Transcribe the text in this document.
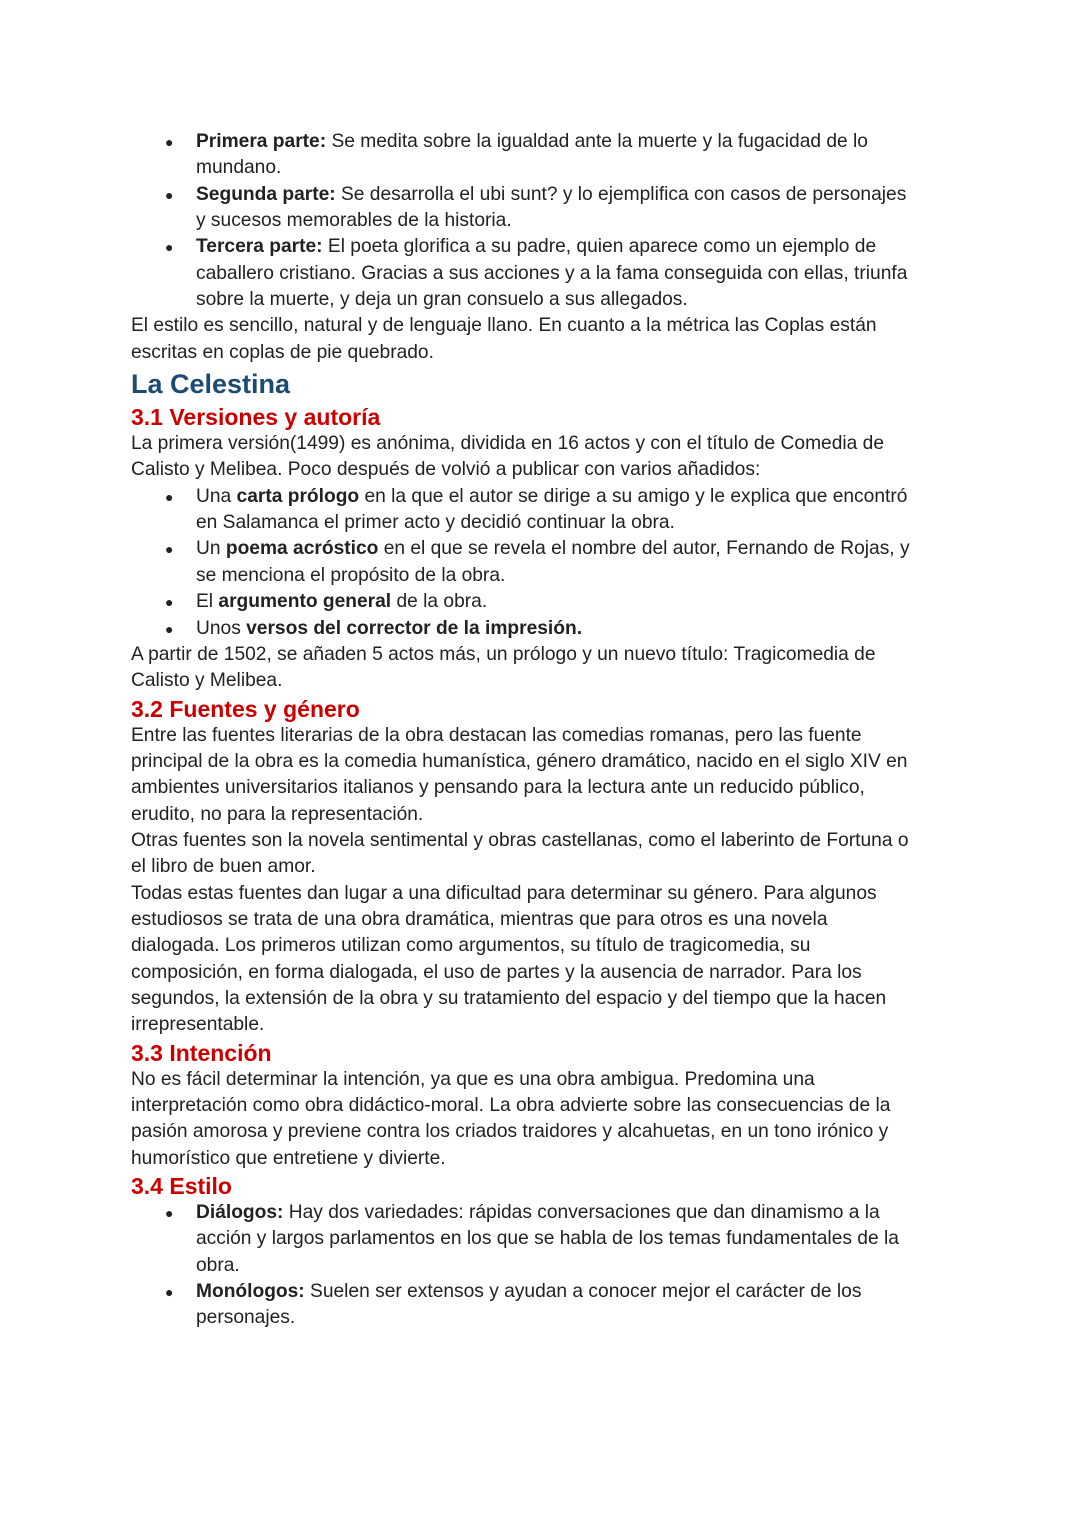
● Primera parte: Se medita sobre la igualdad ante la muerte y la fugacidad de lo
mundano.
● Segunda parte: Se desarrolla el ubi sunt? y lo ejemplifica con casos de personajes
y sucesos memorables de la historia.
● Tercera parte: El poeta glorifica a su padre, quien aparece como un ejemplo de
caballero cristiano. Gracias a sus acciones y a la fama conseguida con ellas, triunfa
sobre la muerte, y deja un gran consuelo a sus allegados.
El estilo es sencillo, natural y de lenguaje llano. En cuanto a la métrica las Coplas están
escritas en coplas de pie quebrado.
La Celestina
3.1 Versiones y autoría
La primera versión(1499) es anónima, dividida en 16 actos y con el título de Comedia de
Calisto y Melibea. Poco después de volvió a publicar con varios añadidos:
● Una carta prólogo en la que el autor se dirige a su amigo y le explica que encontró
en Salamanca el primer acto y decidió continuar la obra.
● Un poema acróstico en el que se revela el nombre del autor, Fernando de Rojas, y
se menciona el propósito de la obra.
● El argumento general de la obra.
● Unos versos del corrector de la impresión.
A partir de 1502, se añaden 5 actos más, un prólogo y un nuevo título: Tragicomedia de
Calisto y Melibea.
3.2 Fuentes y género
Entre las fuentes literarias de la obra destacan las comedias romanas, pero las fuente
principal de la obra es la comedia humanística, género dramático, nacido en el siglo XIV en
ambientes universitarios italianos y pensando para la lectura ante un reducido público,
erudito, no para la representación.
Otras fuentes son la novela sentimental y obras castellanas, como el laberinto de Fortuna o
el libro de buen amor.
Todas estas fuentes dan lugar a una dificultad para determinar su género. Para algunos
estudiosos se trata de una obra dramática, mientras que para otros es una novela
dialogada. Los primeros utilizan como argumentos, su título de tragicomedia, su
composición, en forma dialogada, el uso de partes y la ausencia de narrador. Para los
segundos, la extensión de la obra y su tratamiento del espacio y del tiempo que la hacen
irrepresentable.
3.3 Intención
No es fácil determinar la intención, ya que es una obra ambigua. Predomina una
interpretación como obra didáctico-moral. La obra advierte sobre las consecuencias de la
pasión amorosa y previene contra los criados traidores y alcahuetas, en un tono irónico y
humorístico que entretiene y divierte.
3.4 Estilo
● Diálogos: Hay dos variedades: rápidas conversaciones que dan dinamismo a la
acción y largos parlamentos en los que se habla de los temas fundamentales de la
obra.
● Monólogos: Suelen ser extensos y ayudan a conocer mejor el carácter de los
personajes.
